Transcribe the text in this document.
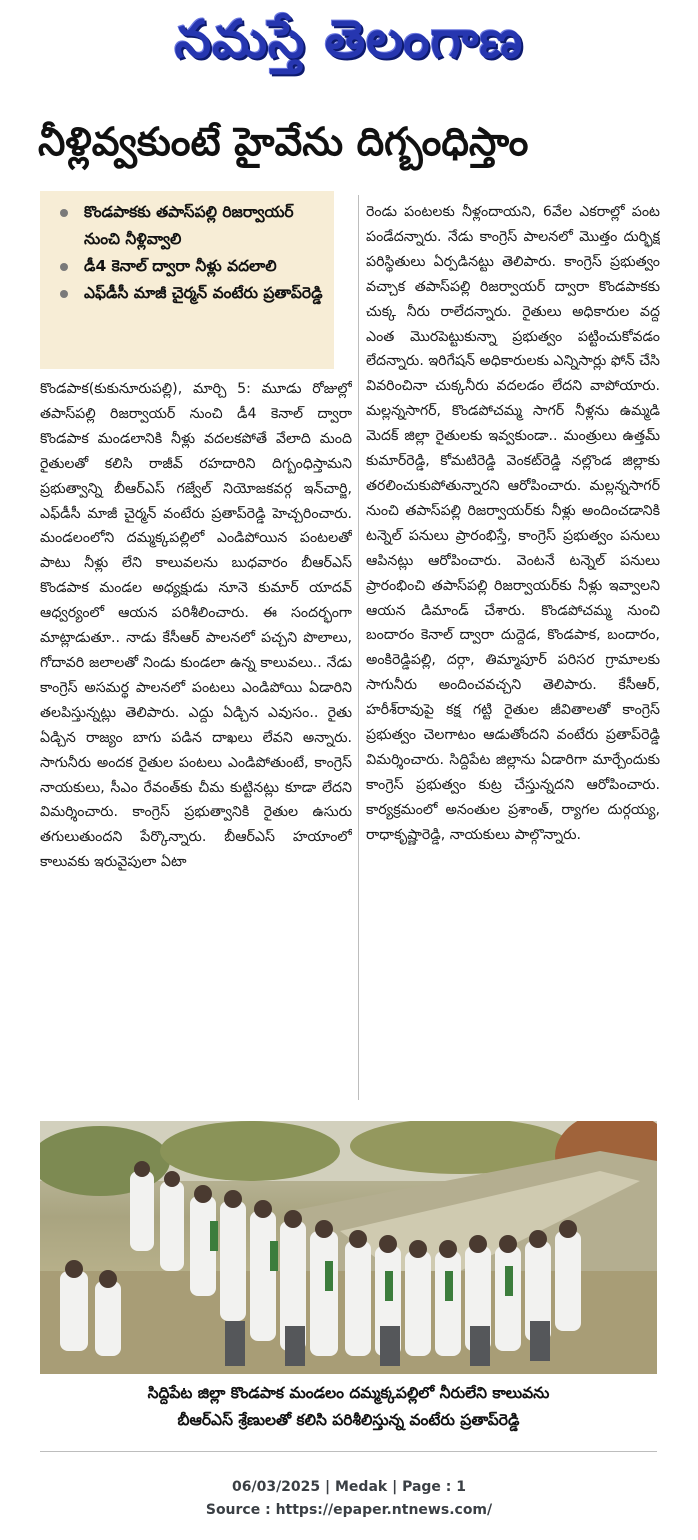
నమస్తే తెలంగాణ
నీళ్లివ్వకుంటే హైవేను దిగ్బంధిస్తాం
కొండపాకకు తపాస్‌పల్లి రిజర్వాయర్ నుంచి నీళ్లివ్వాలి
డీ4 కెనాల్ ద్వారా నీళ్లు వదలాలి
ఎఫ్‌డీసీ మాజీ చైర్మన్ వంటేరు ప్రతాప్‌రెడ్డి

కొండపాక(కుకునూరుపల్లి), మార్చి 5: మూడు రోజుల్లో తపాస్‌పల్లి రిజర్వాయర్ నుంచి డీ4 కెనాల్ ద్వారా కొండపాక మండలానికి నీళ్లు వదలకపోతే వేలాది మంది రైతులతో కలిసి రాజీవ్ రహదారిని దిగ్బంధిస్తామని ప్రభుత్వాన్ని బీఆర్‌ఎస్ గజ్వేల్ నియోజకవర్గ ఇన్‌చార్జి, ఎఫ్‌డీసీ మాజీ చైర్మన్ వంటేరు ప్రతాప్‌రెడ్డి హెచ్చరించారు. మండలంలోని దమ్మక్కపల్లిలో ఎండిపోయిన పంటలతో పాటు నీళ్లు లేని కాలువలను బుధవారం బీఆర్‌ఎస్ కొండపాక మండల అధ్యక్షుడు నూనె కుమార్ యాదవ్ ఆధ్వర్యంలో ఆయన పరిశీలించారు. ఈ సందర్భంగా మాట్లాడుతూ.. నాడు కేసీఆర్ పాలనలో పచ్చని పొలాలు, గోదావరి జలాలతో నిండు కుండలా ఉన్న కాలువలు.. నేడు కాంగ్రెస్ అసమర్థ పాలనలో పంటలు ఎండిపోయి ఏడారిని తలపిస్తున్నట్లు తెలిపారు. ఎద్దు ఏడ్చిన ఎవుసం.. రైతు ఏడ్చిన రాజ్యం బాగు పడిన దాఖలు లేవని అన్నారు. సాగునీరు అందక రైతుల పంటలు ఎండిపోతుంటే, కాంగ్రెస్ నాయకులు, సీఎం రేవంత్‌కు చీమ కుట్టినట్లు కూడా లేదని విమర్శించారు. కాంగ్రెస్ ప్రభుత్వానికి రైతుల ఉసురు తగులుతుందని పేర్కొన్నారు. బీఆర్‌ఎస్ హయాంలో కాలువకు ఇరువైపులా ఏటా

రెండు పంటలకు నీళ్లందాయని, 6వేల ఎకరాల్లో పంట పండేదన్నారు. నేడు కాంగ్రెస్ పాలనలో మొత్తం దుర్భిక్ష పరిస్థితులు ఏర్పడినట్టు తెలిపారు. కాంగ్రెస్ ప్రభుత్వం వచ్చాక తపాస్‌పల్లి రిజర్వాయర్ ద్వారా కొండపాకకు చుక్క నీరు రాలేదన్నారు. రైతులు అధికారుల వద్ద ఎంత మొరపెట్టుకున్నా ప్రభుత్వం పట్టించుకోవడం లేదన్నారు. ఇరిగేషన్ అధికారులకు ఎన్నిసార్లు ఫోన్ చేసి వివరించినా చుక్కనీరు వదలడం లేదని వాపోయారు. మల్లన్నసాగర్, కొండపోచమ్మ సాగర్ నీళ్లను ఉమ్మడి మెదక్ జిల్లా రైతులకు ఇవ్వకుండా.. మంత్రులు ఉత్తమ్ కుమార్‌రెడ్డి, కోమటిరెడ్డి వెంకట్‌రెడ్డి నల్లొండ జిల్లాకు తరలించుకుపోతున్నారని ఆరోపించారు. మల్లన్నసాగర్ నుంచి తపాస్‌పల్లి రిజర్వాయర్‌కు నీళ్లు అందించడానికి టన్నెల్ పనులు ప్రారంభిస్తే, కాంగ్రెస్ ప్రభుత్వం పనులు ఆపినట్లు ఆరోపించారు. వెంటనే టన్నెల్ పనులు ప్రారంభించి తపాస్‌పల్లి రిజర్వాయర్‌కు నీళ్లు ఇవ్వాలని ఆయన డిమాండ్ చేశారు. కొండపోచమ్మ నుంచి బందారం కెనాల్ ద్వారా దుద్దెడ, కొండపాక, బందారం, అంకిరెడ్డిపల్లి, దర్గా, తిమ్మాపూర్ పరిసర గ్రామాలకు సాగునీరు అందించవచ్చని తెలిపారు. కేసీఆర్, హరీశ్‌రావుపై కక్ష గట్టి రైతుల జీవితాలతో కాంగ్రెస్ ప్రభుత్వం చెలగాటం ఆడుతోందని వంటేరు ప్రతాప్‌రెడ్డి విమర్శించారు. సిద్దిపేట జిల్లాను ఏడారిగా మార్చేందుకు కాంగ్రెస్ ప్రభుత్వం కుట్ర చేస్తున్నదని ఆరోపించారు. కార్యక్రమంలో అనంతుల ప్రశాంత్, ర్యాగల దుర్గయ్య, రాధాకృష్ణారెడ్డి, నాయకులు పాల్గొన్నారు.

సిద్దిపేట జిల్లా కొండపాక మండలం దమ్మక్కపల్లిలో నీరులేని కాలువను
బీఆర్‌ఎస్ శ్రేణులతో కలిసి పరిశీలిస్తున్న వంటేరు ప్రతాప్‌రెడ్డి
06/03/2025 | Medak | Page : 1
Source : https://epaper.ntnews.com/
